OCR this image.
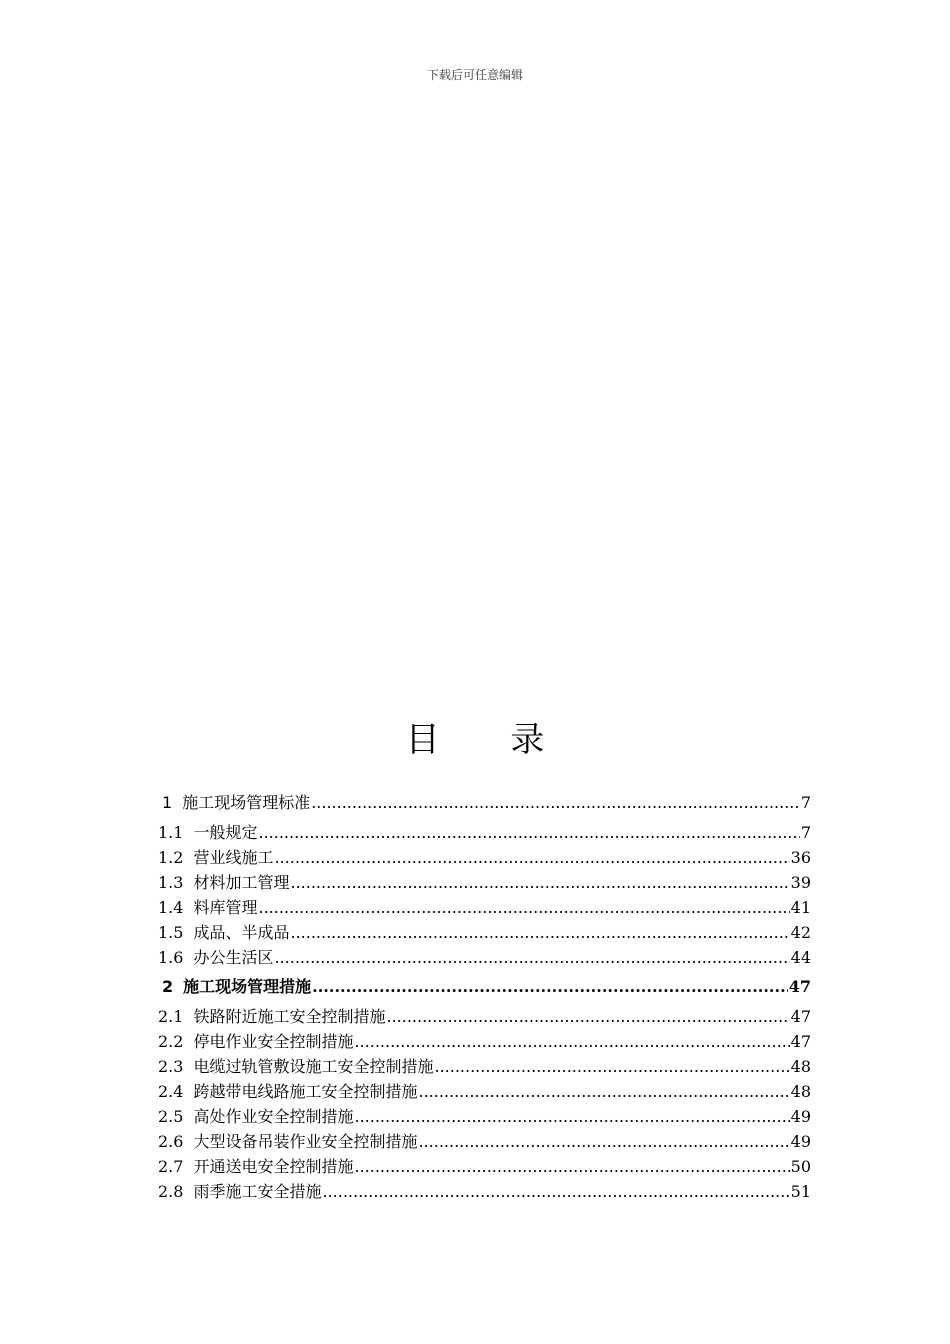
下载后可任意编辑
目 录
1 施工现场管理标准 .....	7
1.1 一般规定 .....	7
1.2 营业线施工 .....	36
1.3 材料加工管理 .....	39
1.4 料库管理 .....	41
1.5 成品、半成品 .....	42
1.6 办公生活区 .....	44
2 施工现场管理措施 .....	47
2.1 铁路附近施工安全控制措施 .....	47
2.2 停电作业安全控制措施 .....	47
2.3 电缆过轨管敷设施工安全控制措施 .....	48
2.4 跨越带电线路施工安全控制措施 .....	48
2.5 高处作业安全控制措施 .....	49
2.6 大型设备吊装作业安全控制措施 .....	49
2.7 开通送电安全控制措施 .....	50
2.8 雨季施工安全措施 .....	51
